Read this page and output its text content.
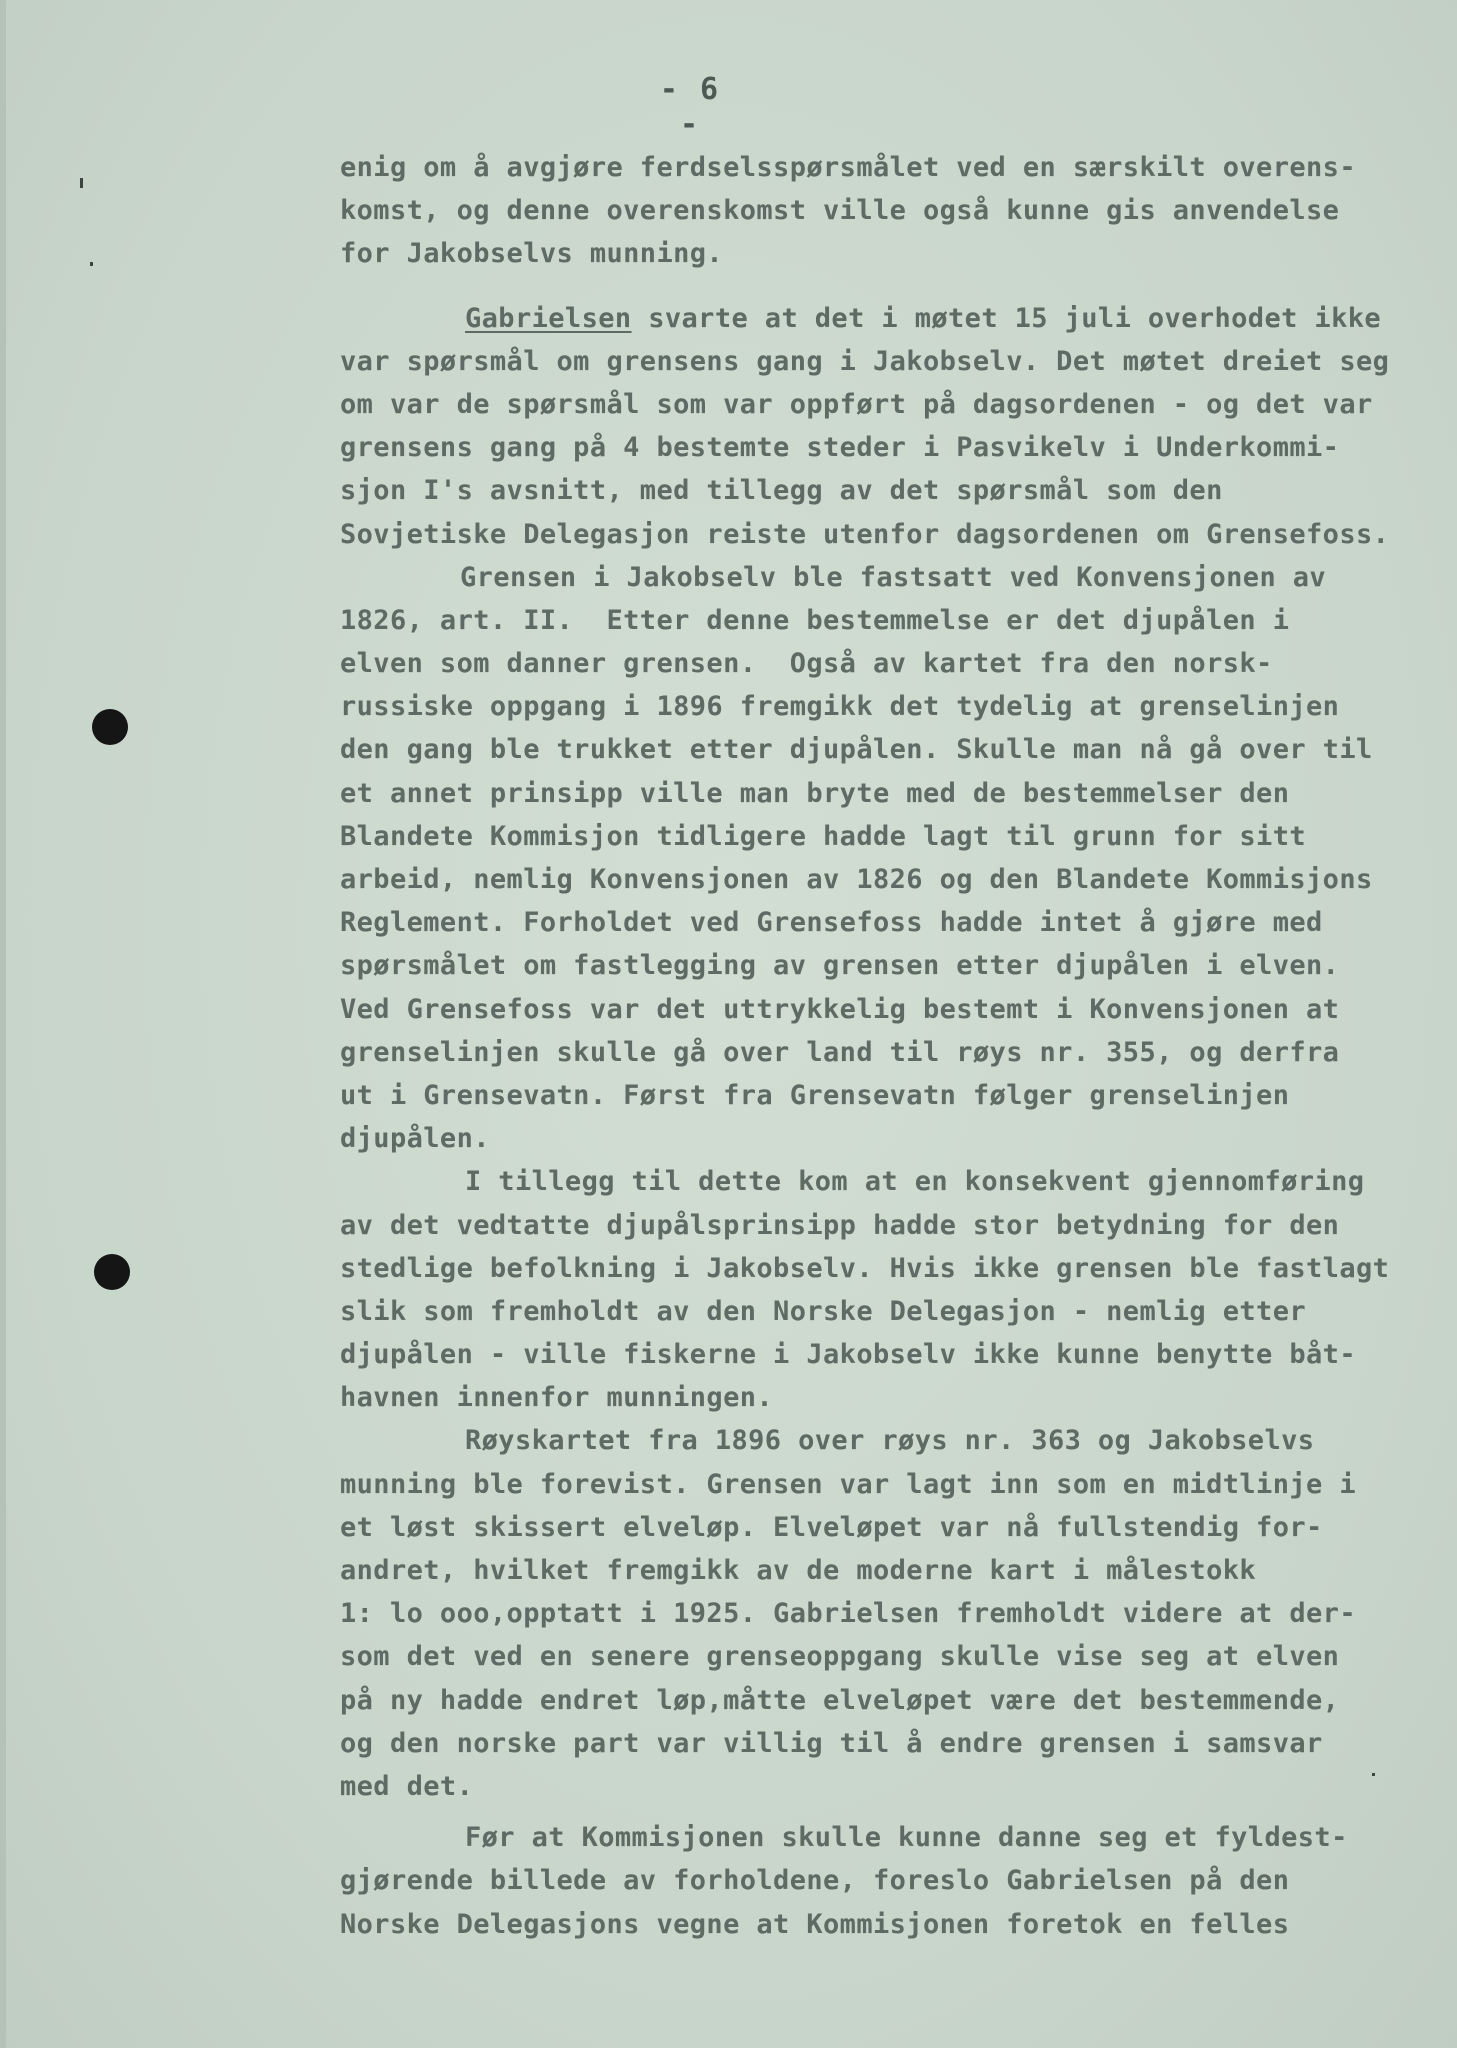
- 6 -
enig om å avgjøre ferdselsspørsmålet ved en særskilt overens-
komst, og denne overenskomst ville også kunne gis anvendelse
for Jakobselvs munning.
Gabrielsen svarte at det i møtet 15 juli overhodet ikke
var spørsmål om grensens gang i Jakobselv. Det møtet dreiet seg
om var de spørsmål som var oppført på dagsordenen - og det var
grensens gang på 4 bestemte steder i Pasvikelv i Underkommi-
sjon I's avsnitt, med tillegg av det spørsmål som den
Sovjetiske Delegasjon reiste utenfor dagsordenen om Grensefoss.
Grensen i Jakobselv ble fastsatt ved Konvensjonen av
1826, art. II.  Etter denne bestemmelse er det djupålen i
elven som danner grensen.  Også av kartet fra den norsk-
russiske oppgang i 1896 fremgikk det tydelig at grenselinjen
den gang ble trukket etter djupålen. Skulle man nå gå over til
et annet prinsipp ville man bryte med de bestemmelser den
Blandete Kommisjon tidligere hadde lagt til grunn for sitt
arbeid, nemlig Konvensjonen av 1826 og den Blandete Kommisjons
Reglement. Forholdet ved Grensefoss hadde intet å gjøre med
spørsmålet om fastlegging av grensen etter djupålen i elven.
Ved Grensefoss var det uttrykkelig bestemt i Konvensjonen at
grenselinjen skulle gå over land til røys nr. 355, og derfra
ut i Grensevatn. Først fra Grensevatn følger grenselinjen
djupålen.
I tillegg til dette kom at en konsekvent gjennomføring
av det vedtatte djupålsprinsipp hadde stor betydning for den
stedlige befolkning i Jakobselv. Hvis ikke grensen ble fastlagt
slik som fremholdt av den Norske Delegasjon - nemlig etter
djupålen - ville fiskerne i Jakobselv ikke kunne benytte båt-
havnen innenfor munningen.
Røyskartet fra 1896 over røys nr. 363 og Jakobselvs
munning ble forevist. Grensen var lagt inn som en midtlinje i
et løst skissert elveløp. Elveløpet var nå fullstendig for-
andret, hvilket fremgikk av de moderne kart i målestokk
1: lo ooo,opptatt i 1925. Gabrielsen fremholdt videre at der-
som det ved en senere grenseoppgang skulle vise seg at elven
på ny hadde endret løp,måtte elveløpet være det bestemmende,
og den norske part var villig til å endre grensen i samsvar
med det.
Før at Kommisjonen skulle kunne danne seg et fyldest-
gjørende billede av forholdene, foreslo Gabrielsen på den
Norske Delegasjons vegne at Kommisjonen foretok en felles
